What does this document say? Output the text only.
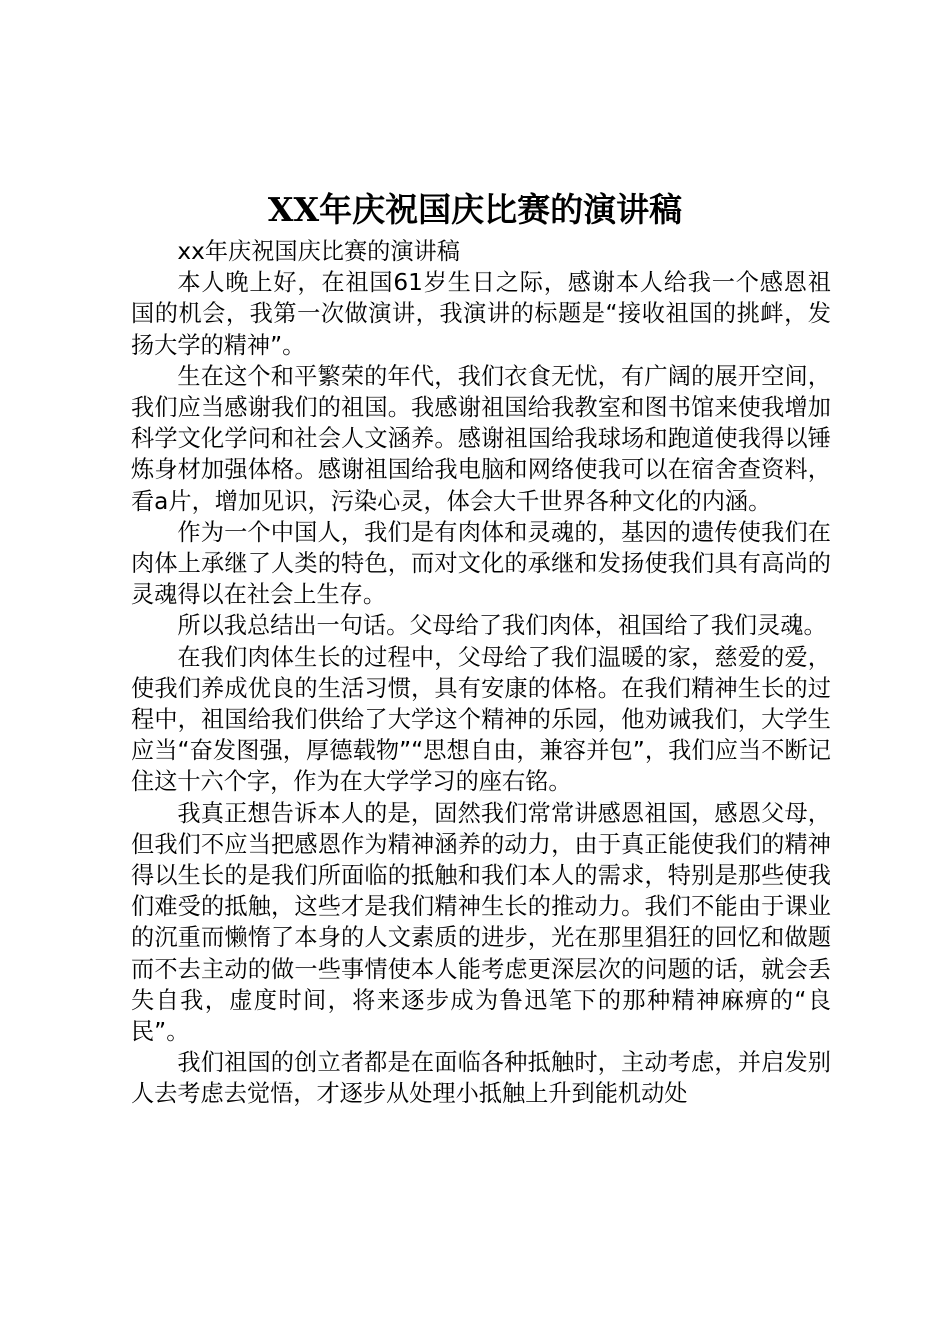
XX年庆祝国庆比赛的演讲稿

xx年庆祝国庆比赛的演讲稿

本人晚上好，在祖国61岁生日之际，感谢本人给我一个感恩祖国的机会，我第一次做演讲，我演讲的标题是“接收祖国的挑衅，发扬大学的精神”。

生在这个和平繁荣的年代，我们衣食无忧，有广阔的展开空间，我们应当感谢我们的祖国。我感谢祖国给我教室和图书馆来使我增加科学文化学问和社会人文涵养。感谢祖国给我球场和跑道使我得以锤炼身材加强体格。感谢祖国给我电脑和网络使我可以在宿舍查资料，看a片，增加见识，污染心灵，体会大千世界各种文化的内涵。

作为一个中国人，我们是有肉体和灵魂的，基因的遗传使我们在肉体上承继了人类的特色，而对文化的承继和发扬使我们具有高尚的灵魂得以在社会上生存。

所以我总结出一句话。父母给了我们肉体，祖国给了我们灵魂。

在我们肉体生长的过程中，父母给了我们温暖的家，慈爱的爱，使我们养成优良的生活习惯，具有安康的体格。在我们精神生长的过程中，祖国给我们供给了大学这个精神的乐园，他劝诫我们，大学生应当“奋发图强，厚德载物”“思想自由，兼容并包”，我们应当不断记住这十六个字，作为在大学学习的座右铭。

我真正想告诉本人的是，固然我们常常讲感恩祖国，感恩父母，但我们不应当把感恩作为精神涵养的动力，由于真正能使我们的精神得以生长的是我们所面临的抵触和我们本人的需求，特别是那些使我们难受的抵触，这些才是我们精神生长的推动力。我们不能由于课业的沉重而懒惰了本身的人文素质的进步，光在那里猖狂的回忆和做题而不去主动的做一些事情使本人能考虑更深层次的问题的话，就会丢失自我，虚度时间，将来逐步成为鲁迅笔下的那种精神麻痹的“良民”。

我们祖国的创立者都是在面临各种抵触时，主动考虑，并启发别人去考虑去觉悟，才逐步从处理小抵触上升到能机动处
